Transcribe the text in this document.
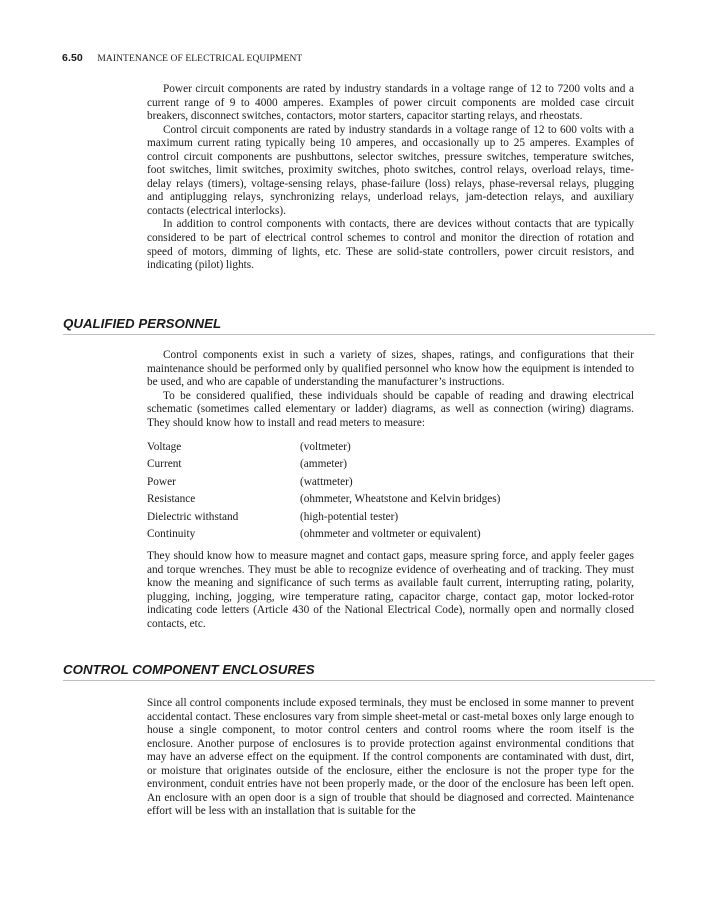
6.50 MAINTENANCE OF ELECTRICAL EQUIPMENT

Power circuit components are rated by industry standards in a voltage range of 12 to 7200 volts and a current range of 9 to 4000 amperes. Examples of power circuit components are molded case circuit breakers, disconnect switches, contactors, motor starters, capacitor starting relays, and rheostats.

Control circuit components are rated by industry standards in a voltage range of 12 to 600 volts with a maximum current rating typically being 10 amperes, and occasionally up to 25 amperes. Examples of control circuit components are pushbuttons, selector switches, pressure switches, temperature switches, foot switches, limit switches, proximity switches, photo switches, control relays, overload relays, time-delay relays (timers), voltage-sensing relays, phase-failure (loss) relays, phase-reversal relays, plugging and antiplugging relays, synchronizing relays, underload relays, jam-detection relays, and auxiliary contacts (electrical interlocks).

In addition to control components with contacts, there are devices without contacts that are typically considered to be part of electrical control schemes to control and monitor the direction of rotation and speed of motors, dimming of lights, etc. These are solid-state controllers, power circuit resistors, and indicating (pilot) lights.

QUALIFIED PERSONNEL

Control components exist in such a variety of sizes, shapes, ratings, and configurations that their maintenance should be performed only by qualified personnel who know how the equipment is intended to be used, and who are capable of understanding the manufacturer’s instructions.

To be considered qualified, these individuals should be capable of reading and drawing electrical schematic (sometimes called elementary or ladder) diagrams, as well as connection (wiring) diagrams. They should know how to install and read meters to measure:

Voltage	(voltmeter)
Current	(ammeter)
Power	(wattmeter)
Resistance	(ohmmeter, Wheatstone and Kelvin bridges)
Dielectric withstand	(high-potential tester)
Continuity	(ohmmeter and voltmeter or equivalent)

They should know how to measure magnet and contact gaps, measure spring force, and apply feeler gages and torque wrenches. They must be able to recognize evidence of overheating and of tracking. They must know the meaning and significance of such terms as available fault current, interrupting rating, polarity, plugging, inching, jogging, wire temperature rating, capacitor charge, contact gap, motor locked-rotor indicating code letters (Article 430 of the National Electrical Code), normally open and normally closed contacts, etc.

CONTROL COMPONENT ENCLOSURES

Since all control components include exposed terminals, they must be enclosed in some manner to prevent accidental contact. These enclosures vary from simple sheet-metal or cast-metal boxes only large enough to house a single component, to motor control centers and control rooms where the room itself is the enclosure. Another purpose of enclosures is to provide protection against environmental conditions that may have an adverse effect on the equipment. If the control components are contaminated with dust, dirt, or moisture that originates outside of the enclosure, either the enclosure is not the proper type for the environment, conduit entries have not been properly made, or the door of the enclosure has been left open. An enclosure with an open door is a sign of trouble that should be diagnosed and corrected. Maintenance effort will be less with an installation that is suitable for the
